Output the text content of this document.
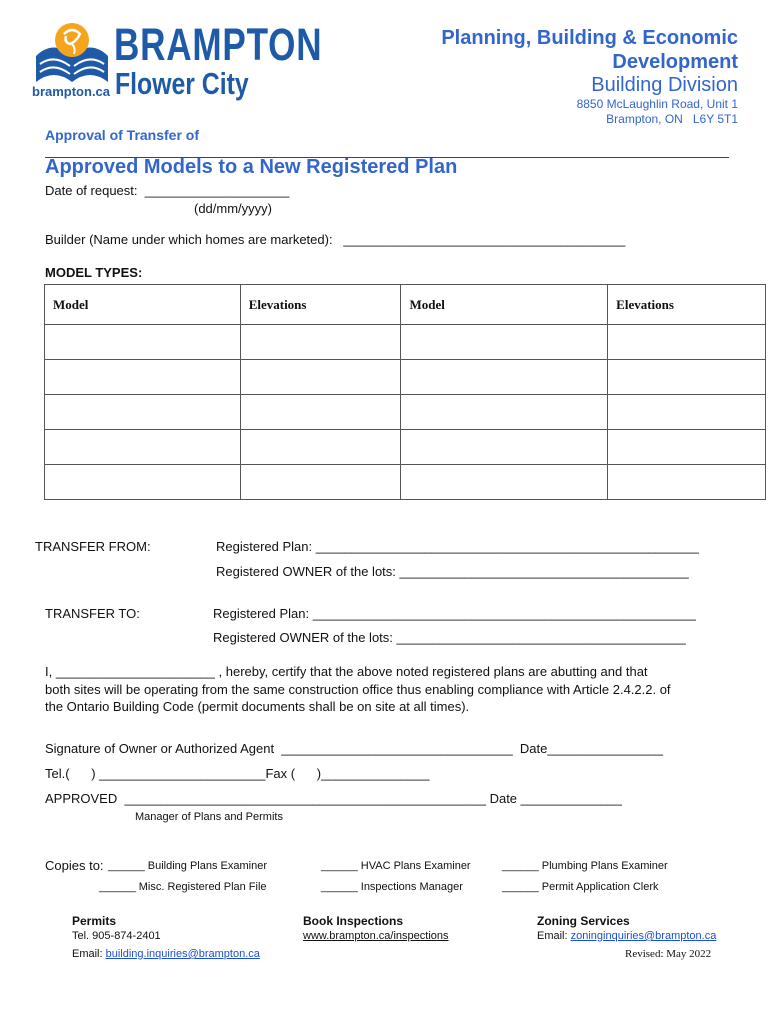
BRAMPTON
Flower City
brampton.ca
Planning, Building & Economic
Development
Building Division
8850 McLaughlin Road, Unit 1
Brampton, ON   L6Y 5T1
Approval of Transfer of
Approved Models to a New Registered Plan
Date of request:  ____________________
(dd/mm/yyyy)
Builder (Name under which homes are marketed):   _______________________________________
MODEL TYPES:
Model	Elevations	Model	Elevations

TRANSFER FROM:	Registered Plan: _____________________________________________________
Registered OWNER of the lots: ________________________________________
TRANSFER TO:	Registered Plan: _____________________________________________________
Registered OWNER of the lots: ________________________________________
I, ______________________ , hereby, certify that the above noted registered plans are abutting and that
both sites will be operating from the same construction office thus enabling compliance with Article 2.4.2.2. of
the Ontario Building Code (permit documents shall be on site at all times).
Signature of Owner or Authorized Agent  ________________________________  Date________________
Tel.(      ) _______________________Fax (      )_______________
APPROVED  __________________________________________________ Date ______________
Manager of Plans and Permits
Copies to: ______ Building Plans Examiner	______ HVAC Plans Examiner	______ Plumbing Plans Examiner
______ Misc. Registered Plan File	______ Inspections Manager	______ Permit Application Clerk
Permits
Tel. 905-874-2401
Email: building.inquiries@brampton.ca
Book Inspections
www.brampton.ca/inspections
Zoning Services
Email: zoninginquiries@brampton.ca
Revised: May 2022
